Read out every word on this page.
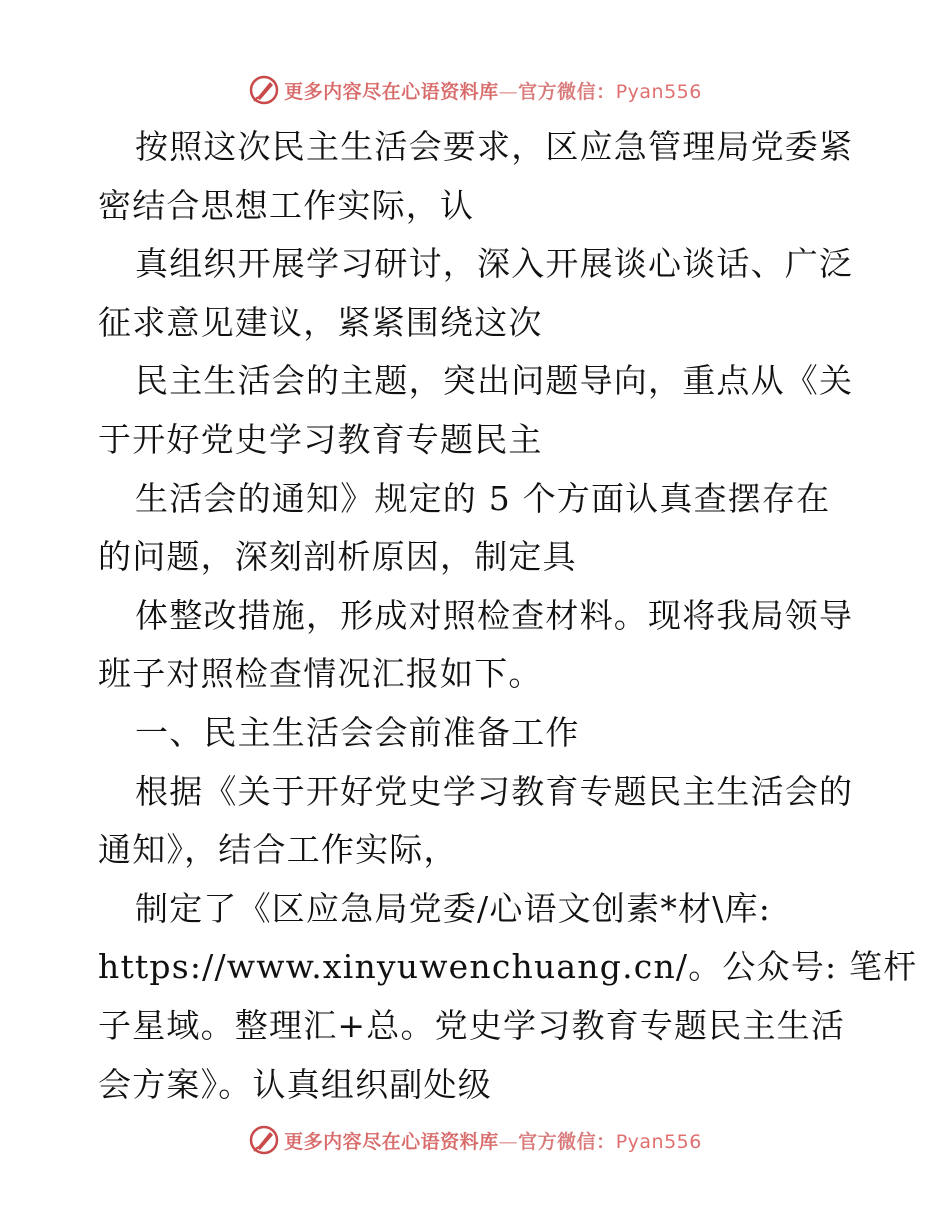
更多内容尽在心语资料库—官方微信：Pyan556
按照这次民主生活会要求，区应急管理局党委紧
密结合思想工作实际，认
真组织开展学习研讨，深入开展谈心谈话、广泛
征求意见建议，紧紧围绕这次
民主生活会的主题，突出问题导向，重点从《关
于开好党史学习教育专题民主
生活会的通知》规定的 5 个方面认真查摆存在
的问题，深刻剖析原因，制定具
体整改措施，形成对照检查材料。现将我局领导
班子对照检查情况汇报如下。
一、民主生活会会前准备工作
根据《关于开好党史学习教育专题民主生活会的
通知》，结合工作实际，
制定了《区应急局党委/心语文创素*材\库:
https://www.xinyuwenchuang.cn/。公众号: 笔杆
子星域。整理汇+总。党史学习教育专题民主生活
会方案》。认真组织副处级
更多内容尽在心语资料库—官方微信：Pyan556
